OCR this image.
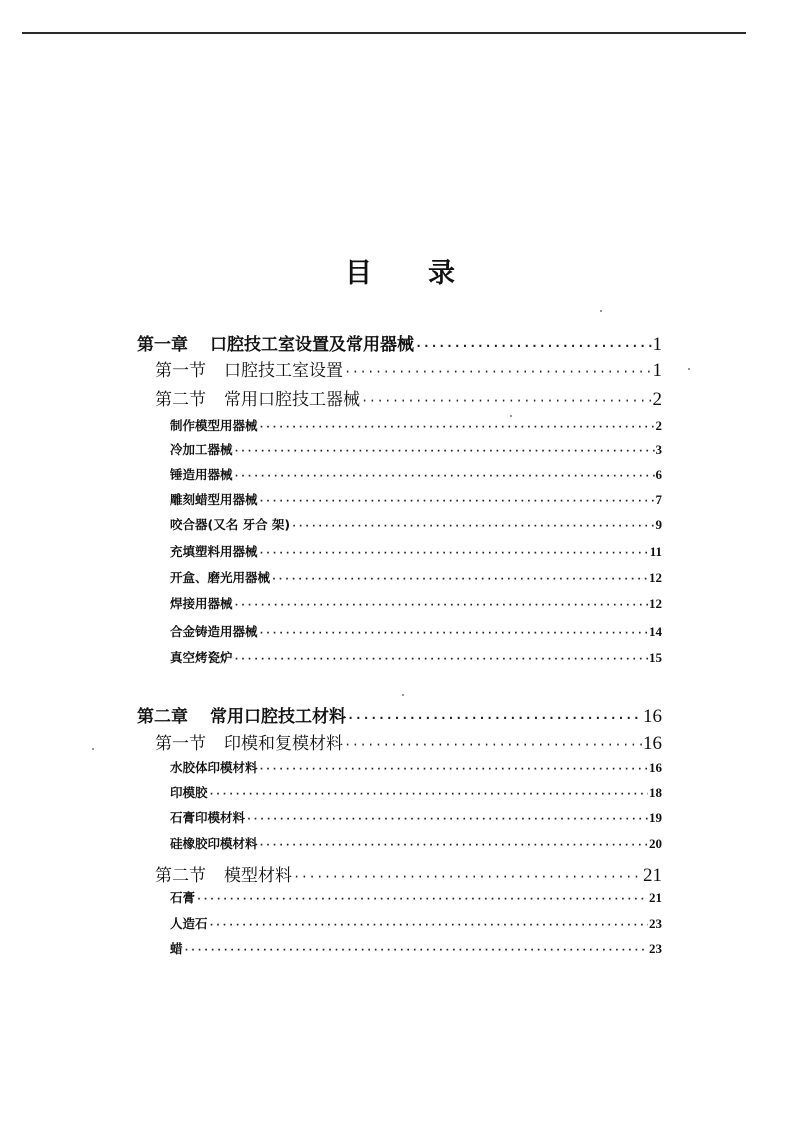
目 录
第一章 口腔技工室设置及常用器械 ·····	1
第一节 口腔技工室设置 ·····	1
第二节 常用口腔技工器械 ·····	2
制作模型用器械 ·····	2
冷加工器械 ·····	3
锤造用器械 ·····	6
雕刻蜡型用器械 ·····	7
咬合器(又名 牙合 架) ·····	9
充填塑料用器械 ·····	11
开盒、磨光用器械 ·····	12
焊接用器械 ·····	12
合金铸造用器械 ·····	14
真空烤瓷炉 ·····	15
第二章 常用口腔技工材料 ·····	16
第一节 印模和复模材料 ·····	16
水胶体印模材料 ·····	16
印模胶 ·····	18
石膏印模材料 ·····	19
硅橡胶印模材料 ·····	20
第二节 模型材料 ·····	21
石膏 ·····	21
人造石 ·····	23
蜡 ·····	23
